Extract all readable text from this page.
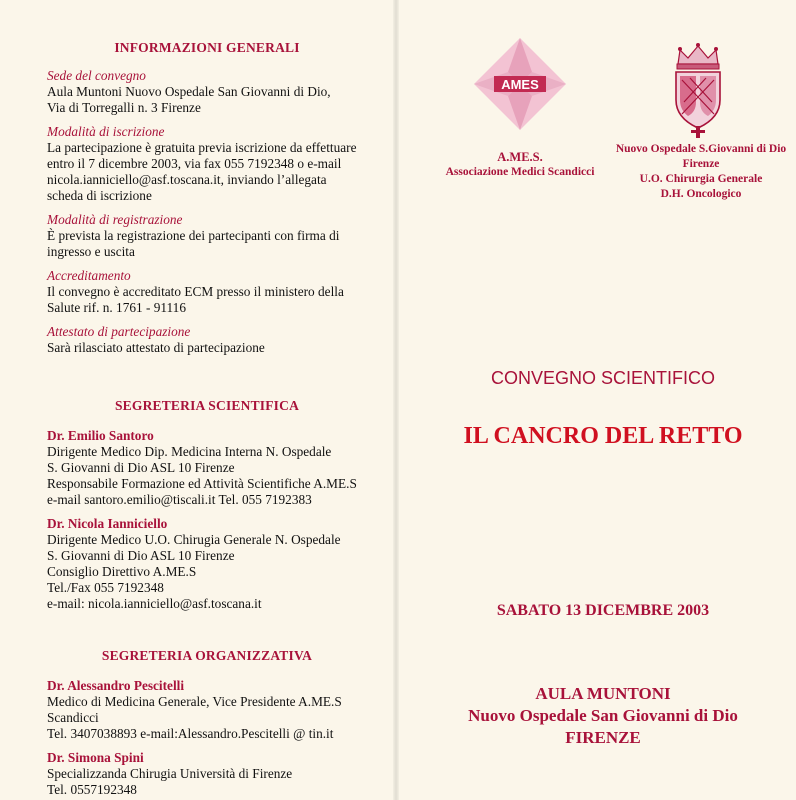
INFORMAZIONI GENERALI
Sede del convegno
Aula Muntoni Nuovo Ospedale San Giovanni di Dio,
Via di Torregalli n. 3 Firenze
Modalità di iscrizione
La partecipazione è gratuita previa iscrizione da effettuare
entro il 7 dicembre 2003, via fax 055 7192348 o e-mail
nicola.ianniciello@asf.toscana.it, inviando l’allegata
scheda di iscrizione
Modalità di registrazione
È prevista la registrazione dei partecipanti con firma di
ingresso e uscita
Accreditamento
Il convegno è accreditato ECM presso il ministero della
Salute rif. n. 1761 - 91116
Attestato di partecipazione
Sarà rilasciato attestato di partecipazione
SEGRETERIA SCIENTIFICA
Dr. Emilio Santoro
Dirigente Medico Dip. Medicina Interna N. Ospedale
S. Giovanni di Dio ASL 10 Firenze
Responsabile Formazione ed Attività Scientifiche A.ME.S
e-mail santoro.emilio@tiscali.it Tel. 055 7192383
Dr. Nicola Ianniciello
Dirigente Medico U.O. Chirugia Generale N. Ospedale
S. Giovanni di Dio ASL 10 Firenze
Consiglio Direttivo A.ME.S
Tel./Fax 055 7192348
e-mail: nicola.ianniciello@asf.toscana.it
SEGRETERIA ORGANIZZATIVA
Dr. Alessandro Pescitelli
Medico di Medicina Generale, Vice Presidente A.ME.S
Scandicci
Tel. 3407038893 e-mail:Alessandro.Pescitelli @ tin.it
Dr. Simona Spini
Specializzanda Chirugia Università di Firenze
Tel. 0557192348
AMES
A.ME.S.
Associazione Medici Scandicci
Nuovo Ospedale S.Giovanni di Dio
Firenze
U.O. Chirurgia Generale
D.H. Oncologico
CONVEGNO SCIENTIFICO
IL CANCRO DEL RETTO
SABATO 13 DICEMBRE 2003
AULA MUNTONI
Nuovo Ospedale San Giovanni di Dio
FIRENZE
